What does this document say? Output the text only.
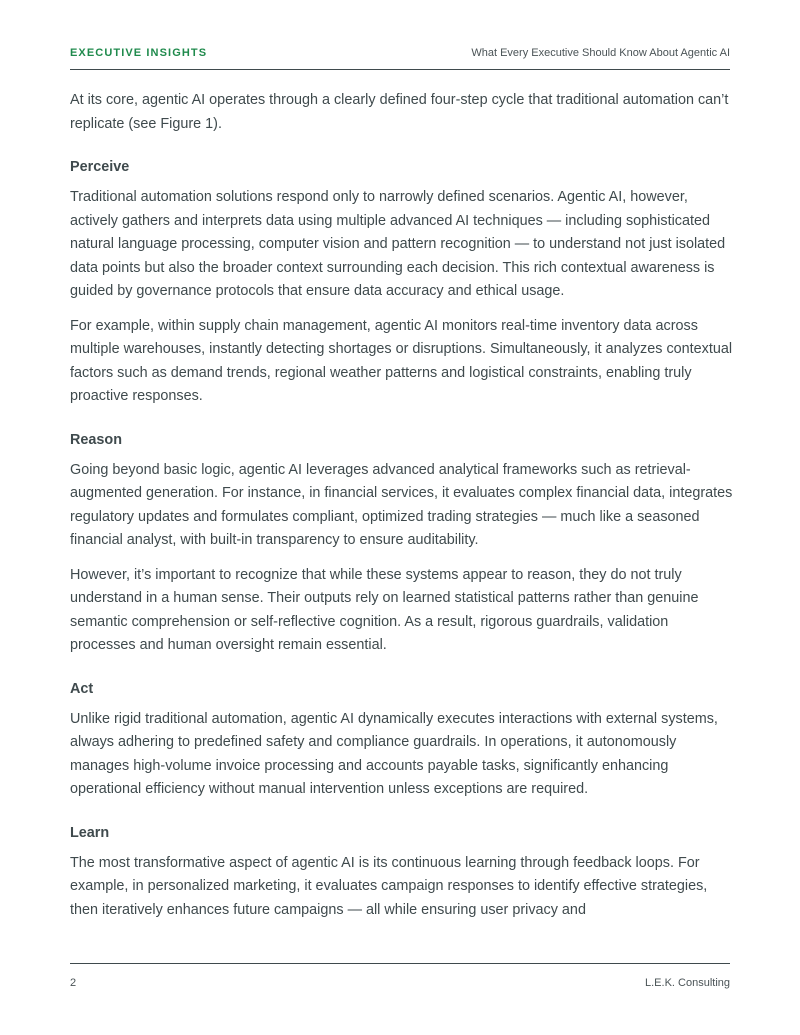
EXECUTIVE INSIGHTS	What Every Executive Should Know About Agentic AI

At its core, agentic AI operates through a clearly defined four-step cycle that traditional automation can’t replicate (see Figure 1).

Perceive

Traditional automation solutions respond only to narrowly defined scenarios. Agentic AI, however, actively gathers and interprets data using multiple advanced AI techniques — including sophisticated natural language processing, computer vision and pattern recognition — to understand not just isolated data points but also the broader context surrounding each decision. This rich contextual awareness is guided by governance protocols that ensure data accuracy and ethical usage.

For example, within supply chain management, agentic AI monitors real-time inventory data across multiple warehouses, instantly detecting shortages or disruptions. Simultaneously, it analyzes contextual factors such as demand trends, regional weather patterns and logistical constraints, enabling truly proactive responses.

Reason

Going beyond basic logic, agentic AI leverages advanced analytical frameworks such as retrieval-augmented generation. For instance, in financial services, it evaluates complex financial data, integrates regulatory updates and formulates compliant, optimized trading strategies — much like a seasoned financial analyst, with built-in transparency to ensure auditability.

However, it’s important to recognize that while these systems appear to reason, they do not truly understand in a human sense. Their outputs rely on learned statistical patterns rather than genuine semantic comprehension or self-reflective cognition. As a result, rigorous guardrails, validation processes and human oversight remain essential.

Act

Unlike rigid traditional automation, agentic AI dynamically executes interactions with external systems, always adhering to predefined safety and compliance guardrails. In operations, it autonomously manages high-volume invoice processing and accounts payable tasks, significantly enhancing operational efficiency without manual intervention unless exceptions are required.

Learn

The most transformative aspect of agentic AI is its continuous learning through feedback loops. For example, in personalized marketing, it evaluates campaign responses to identify effective strategies, then iteratively enhances future campaigns — all while ensuring user privacy and

2	L.E.K. Consulting
